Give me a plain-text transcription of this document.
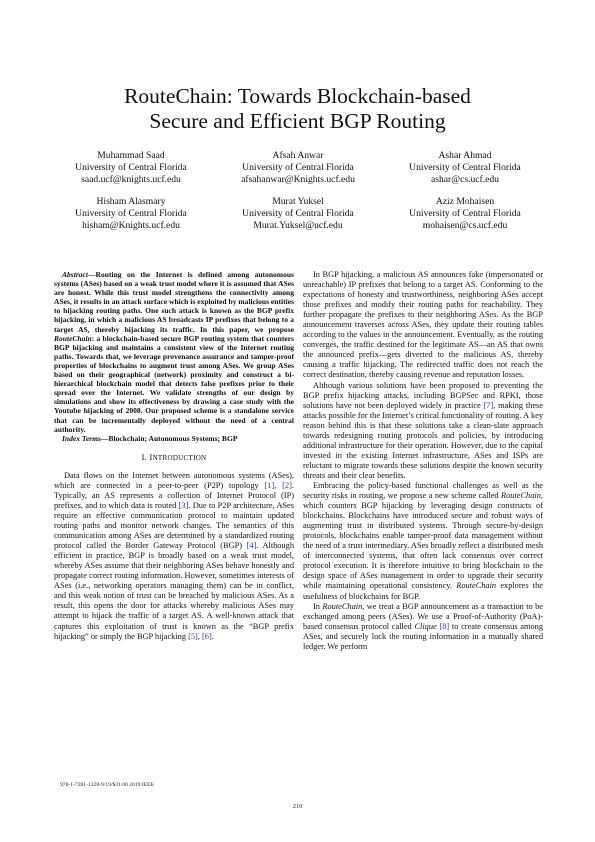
RouteChain: Towards Blockchain-based
Secure and Efficient BGP Routing
Muhammad Saad
University of Central Florida
saad.ucf@knights.ucf.edu
Afsah Anwar
University of Central Florida
afsahanwar@Knights.ucf.edu
Ashar Ahmad
University of Central Florida
ashar@cs.ucf.edu
Hisham Alasmary
University of Central Florida
hisham@Knights.ucf.edu
Murat Yuksel
University of Central Florida
Murat.Yuksel@ucf.edu
Aziz Mohaisen
University of Central Florida
mohaisen@cs.ucf.edu

Abstract—Routing on the Internet is defined among autonomous systems (ASes) based on a weak trust model where it is assumed that ASes are honest. While this trust model strengthens the connectivity among ASes, it results in an attack surface which is exploited by malicious entities to hijacking routing paths. One such attack is known as the BGP prefix hijacking, in which a malicious AS broadcasts IP prefixes that belong to a target AS, thereby hijacking its traffic. In this paper, we propose RouteChain: a blockchain-based secure BGP routing system that counters BGP hijacking and maintains a consistent view of the Internet routing paths. Towards that, we leverage provenance assurance and tamper-proof properties of blockchains to augment trust among ASes. We group ASes based on their geographical (network) proximity and construct a bi-hierarchical blockchain model that detects false prefixes prior to their spread over the Internet. We validate strengths of our design by simulations and show its effectiveness by drawing a case study with the Youtube hijacking of 2008. Our proposed scheme is a standalone service that can be incrementally deployed without the need of a central authority.

Index Terms—Blockchain; Autonomous Systems; BGP

I. INTRODUCTION

Data flows on the Internet between autonomous systems (ASes), which are connected in a peer-to-peer (P2P) topology [1], [2]. Typically, an AS represents a collection of Internet Protocol (IP) prefixes, and to which data is routed [3]. Due to P2P architecture, ASes require an effective communication protocol to maintain updated routing paths and monitor network changes. The semantics of this communication among ASes are determined by a standardized routing protocol called the Border Gateway Protocol (BGP) [4]. Although efficient in practice, BGP is broadly based on a weak trust model, whereby ASes assume that their neighboring ASes behave honestly and propagate correct routing information. However, sometimes interests of ASes (i.e., networking operators managing them) can be in conflict, and this weak notion of trust can be breached by malicious ASes. As a result, this opens the door for attacks whereby malicious ASes may attempt to hijack the traffic of a target AS. A well-known attack that captures this exploitation of trust is known as the “BGP prefix hijacking” or simply the BGP hijacking [5], [6].

In BGP hijacking, a malicious AS announces fake (impersonated or unreachable) IP prefixes that belong to a target AS. Conforming to the expectations of honesty and trustworthiness, neighboring ASes accept those prefixes and modify their routing paths for reachability. They further propagate the prefixes to their neighboring ASes. As the BGP announcement traverses across ASes, they update their routing tables according to the values in the announcement. Eventually, as the routing converges, the traffic destined for the legitimate AS—an AS that owns the announced prefix—gets diverted to the malicious AS, thereby causing a traffic hijacking. The redirected traffic does not reach the correct destination, thereby causing revenue and reputation losses.

Although various solutions have been proposed to preventing the BGP prefix hijacking attacks, including BGPSec and RPKI, those solutions have not been deployed widely in practice [7], making these attacks possible for the Internet’s critical functionality of routing. A key reason behind this is that these solutions take a clean-slate approach towards redesigning routing protocols and policies, by introducing additional infrastructure for their operation. However, due to the capital invested in the existing Internet infrastructure, ASes and ISPs are reluctant to migrate towards these solutions despite the known security threats and their clear benefits.

Embracing the policy-based functional challenges as well as the security risks in routing, we propose a new scheme called RouteChain, which counters BGP hijacking by leveraging design constructs of blockchains. Blockchains have introduced secure and robust ways of augmenting trust in distributed systems. Through secure-by-design protocols, blockchains enable tamper-proof data management without the need of a trust intermediary. ASes broadly reflect a distributed mesh of interconnected systems, that often lack consensus over correct protocol execution. It is therefore intuitive to bring blockchain to the design space of ASes management in order to upgrade their security while maintaining operational consistency. RouteChain explores the usefulness of blockchains for BGP.

In RouteChain, we treat a BGP announcement as a transaction to be exchanged among peers (ASes). We use a Proof-of-Authority (PoA)-based consensus protocol called Clique [8] to create consensus among ASes, and securely lock the routing information in a mutually shared ledger. We perform

978-1-7281-1328-9/19/$31.00 2019 IEEE
210
